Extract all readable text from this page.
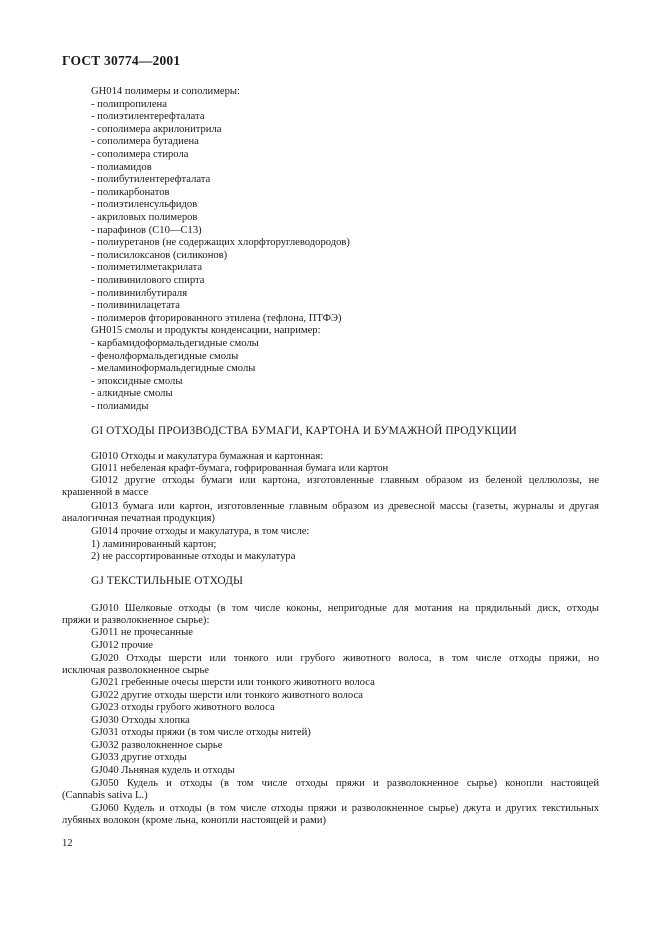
ГОСТ 30774—2001
GH014 полимеры и сополимеры:
- полипропилена
- полиэтилентерефталата
- сополимера акрилонитрила
- сополимера бутадиена
- сополимера стирола
- полиамидов
- полибутилентерефталата
- поликарбонатов
- полиэтиленсульфидов
- акриловых полимеров
- парафинов (С10—С13)
- полиуретанов (не содержащих хлорфторуглеводородов)
- полисилоксанов (силиконов)
- полиметилметакрилата
- поливинилового спирта
- поливинилбутираля
- поливинилацетата
- полимеров фторированного этилена (тефлона, ПТФЭ)
GH015 смолы и продукты конденсации, например:
- карбамидоформальдегидные смолы
- фенолформальдегидные смолы
- меламиноформальдегидные смолы
- эпоксидные смолы
- алкидные смолы
- полиамиды
GI ОТХОДЫ ПРОИЗВОДСТВА БУМАГИ, КАРТОНА И БУМАЖНОЙ ПРОДУКЦИИ
GI010 Отходы и макулатура бумажная и картонная:
GI011 небеленая крафт-бумага, гофрированная бумага или картон
GI012 другие отходы бумаги или картона, изготовленные главным образом из беленой целлюлозы, не
крашенной в массе
GI013 бумага или картон, изготовленные главным образом из древесной массы (газеты, журналы и другая
аналогичная печатная продукция)
GI014 прочие отходы и макулатура, в том числе:
1) ламинированный картон;
2) не рассортированные отходы и макулатура
GJ ТЕКСТИЛЬНЫЕ ОТХОДЫ
GJ010 Шелковые отходы (в том числе коконы, непригодные для мотания на прядильный диск, отходы
пряжи и разволокненное сырье):
GJ011 не прочесанные
GJ012 прочие
GJ020 Отходы шерсти или тонкого или грубого животного волоса, в том числе отходы пряжи, но
исключая разволокненное сырье
GJ021 гребенные очесы шерсти или тонкого животного волоса
GJ022 другие отходы шерсти или тонкого животного волоса
GJ023 отходы грубого животного волоса
GJ030 Отходы хлопка
GJ031 отходы пряжи (в том числе отходы нитей)
GJ032 разволокненное сырье
GJ033 другие отходы
GJ040 Льняная кудель и отходы
GJ050 Кудель и отходы (в том числе отходы пряжи и разволокненное сырье) конопли настоящей
(Cannabis sativa L.)
GJ060 Кудель и отходы (в том числе отходы пряжи и разволокненное сырье) джута и других текстильных
лубяных волокон (кроме льна, конопли настоящей и рами)
12
